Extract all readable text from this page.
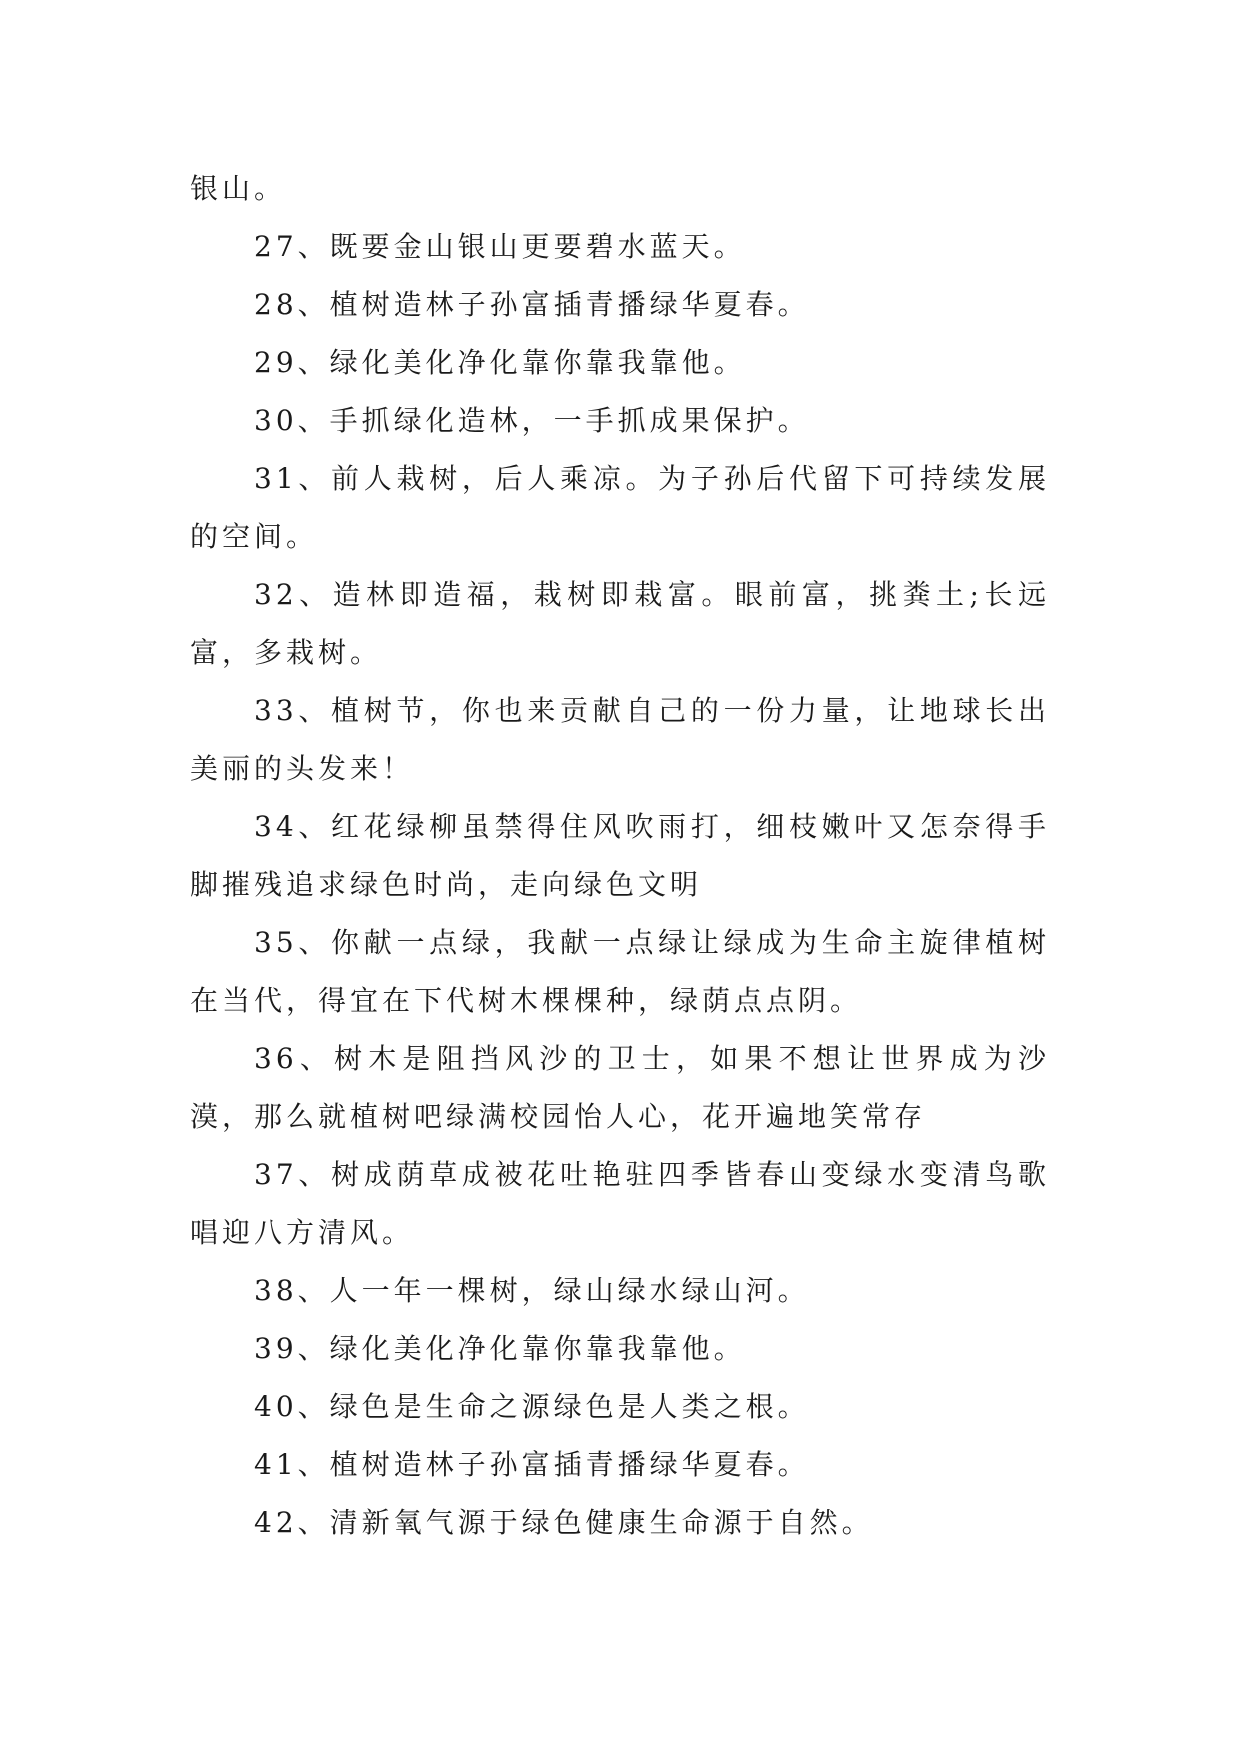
银山。

27、既要金山银山更要碧水蓝天。

28、植树造林子孙富插青播绿华夏春。

29、绿化美化净化靠你靠我靠他。

30、手抓绿化造林，一手抓成果保护。

31、前人栽树，后人乘凉。为子孙后代留下可持续发展的空间。

32、造林即造福，栽树即栽富。眼前富，挑粪土;长远富，多栽树。

33、植树节，你也来贡献自己的一份力量，让地球长出美丽的头发来！

34、红花绿柳虽禁得住风吹雨打，细枝嫩叶又怎奈得手脚摧残追求绿色时尚，走向绿色文明

35、你献一点绿，我献一点绿让绿成为生命主旋律植树在当代，得宜在下代树木棵棵种，绿荫点点阴。

36、树木是阻挡风沙的卫士，如果不想让世界成为沙漠，那么就植树吧绿满校园怡人心，花开遍地笑常存

37、树成荫草成被花吐艳驻四季皆春山变绿水变清鸟歌唱迎八方清风。

38、人一年一棵树，绿山绿水绿山河。

39、绿化美化净化靠你靠我靠他。

40、绿色是生命之源绿色是人类之根。

41、植树造林子孙富插青播绿华夏春。

42、清新氧气源于绿色健康生命源于自然。
